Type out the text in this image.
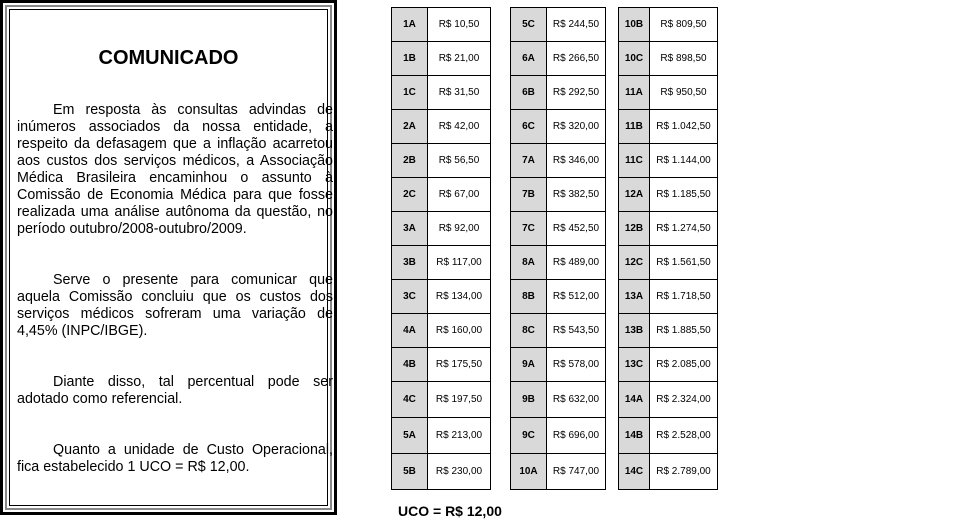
COMUNICADO

Em resposta às consultas advindas de inúmeros associados da nossa entidade, a respeito da defasagem que a inflação acarretou aos custos dos serviços médicos, a Associação Médica Brasileira encaminhou o assunto à Comissão de Economia Médica para que fosse realizada uma análise autônoma da questão, no período outubro/2008-outubro/2009.

Serve o presente para comunicar que aquela Comissão concluiu que os custos dos serviços médicos sofreram uma variação de 4,45% (INPC/IBGE).

Diante disso, tal percentual pode ser adotado como referencial.

Quanto a unidade de Custo Operacional, fica estabelecido 1 UCO = R$ 12,00.

1A	R$ 10,50
1B	R$ 21,00
1C	R$ 31,50
2A	R$ 42,00
2B	R$ 56,50
2C	R$ 67,00
3A	R$ 92,00
3B	R$ 117,00
3C	R$ 134,00
4A	R$ 160,00
4B	R$ 175,50
4C	R$ 197,50
5A	R$ 213,00
5B	R$ 230,00
5C	R$ 244,50
6A	R$ 266,50
6B	R$ 292,50
6C	R$ 320,00
7A	R$ 346,00
7B	R$ 382,50
7C	R$ 452,50
8A	R$ 489,00
8B	R$ 512,00
8C	R$ 543,50
9A	R$ 578,00
9B	R$ 632,00
9C	R$ 696,00
10A	R$ 747,00
10B	R$ 809,50
10C	R$ 898,50
11A	R$ 950,50
11B	R$ 1.042,50
11C	R$ 1.144,00
12A	R$ 1.185,50
12B	R$ 1.274,50
12C	R$ 1.561,50
13A	R$ 1.718,50
13B	R$ 1.885,50
13C	R$ 2.085,00
14A	R$ 2.324,00
14B	R$ 2.528,00
14C	R$ 2.789,00
UCO = R$ 12,00
